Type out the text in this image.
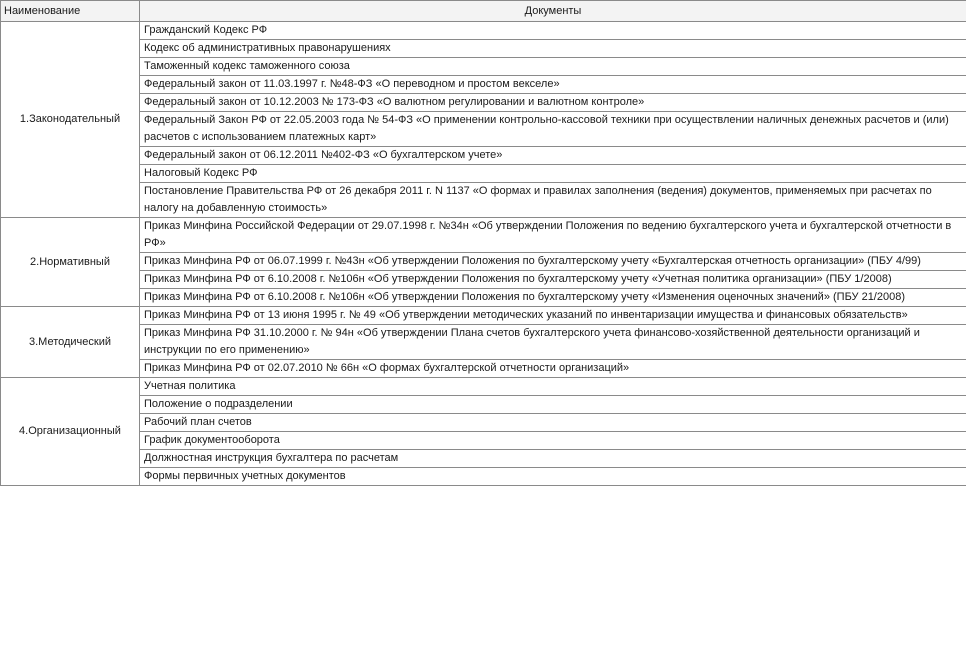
Наименование	Документы
1.Законодательный	Гражданский Кодекс РФ
	Кодекс об административных правонарушениях
	Таможенный кодекс таможенного союза
	Федеральный закон от 11.03.1997 г. №48-ФЗ «О переводном и простом векселе»
	Федеральный закон от 10.12.2003 № 173-ФЗ «О валютном регулировании и валютном контроле»
	Федеральный Закон РФ от 22.05.2003 года № 54-ФЗ «О применении контрольно-кассовой техники при осуществлении наличных денежных расчетов и (или) расчетов с использованием платежных карт»
	Федеральный закон от 06.12.2011 №402-ФЗ «О бухгалтерском учете»
	Налоговый Кодекс РФ
	Постановление Правительства РФ от 26 декабря 2011 г. N 1137 «О формах и правилах заполнения (ведения) документов, применяемых при расчетах по налогу на добавленную стоимость»
2.Нормативный	Приказ Минфина Российской Федерации от 29.07.1998 г. №34н «Об утверждении Положения по ведению бухгалтерского учета и бухгалтерской отчетности в РФ»
	Приказ Минфина РФ от 06.07.1999 г. №43н «Об утверждении Положения по бухгалтерскому учету «Бухгалтерская отчетность организации» (ПБУ 4/99)
	Приказ Минфина РФ от 6.10.2008 г. №106н «Об утверждении Положения по бухгалтерскому учету «Учетная политика организации» (ПБУ 1/2008)
	Приказ Минфина РФ от 6.10.2008 г. №106н «Об утверждении Положения по бухгалтерскому учету «Изменения оценочных значений» (ПБУ 21/2008)
3.Методический	Приказ Минфина РФ от 13 июня 1995 г. № 49 «Об утверждении методических указаний по инвентаризации имущества и финансовых обязательств»
	Приказ Минфина РФ 31.10.2000 г. № 94н «Об утверждении Плана счетов бухгалтерского учета финансово-хозяйственной деятельности организаций и инструкции по его применению»
	Приказ Минфина РФ от 02.07.2010 № 66н «О формах бухгалтерской отчетности организаций»
4.Организационный	Учетная политика
	Положение о подразделении
	Рабочий план счетов
	График документооборота
	Должностная инструкция бухгалтера по расчетам
	Формы первичных учетных документов
